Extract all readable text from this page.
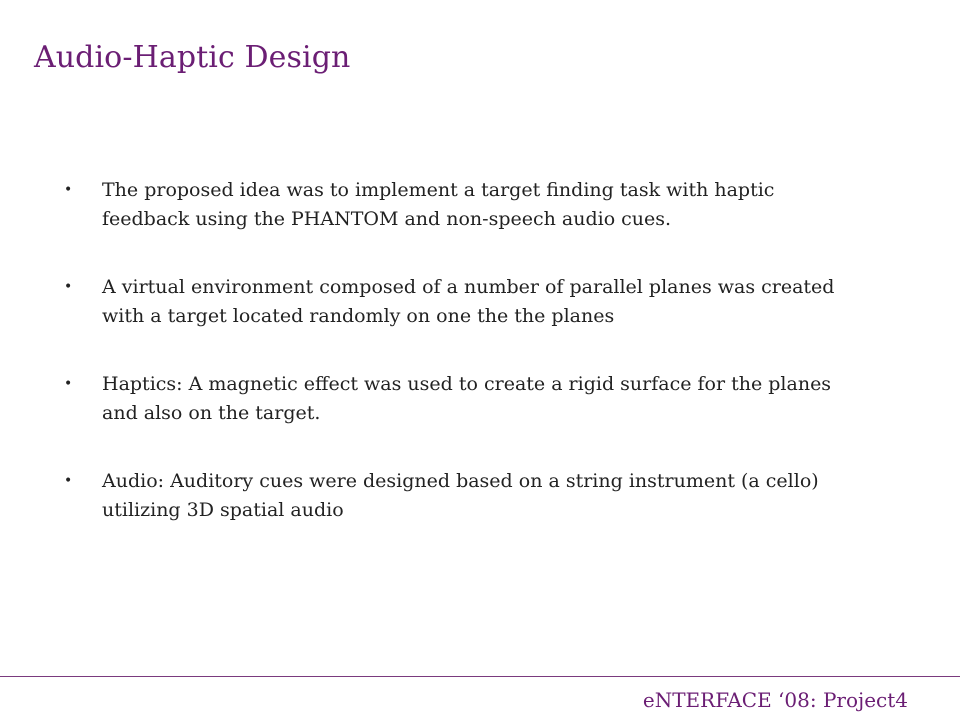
Audio-Haptic Design
• The proposed idea was to implement a target finding task with haptic feedback using the PHANTOM and non-speech audio cues.
• A virtual environment composed of a number of parallel planes was created with a target located randomly on one the the planes
• Haptics: A magnetic effect was used to create a rigid surface for the planes and also on the target.
• Audio: Auditory cues were designed based on a string instrument (a cello) utilizing 3D spatial audio
eNTERFACE ‘08: Project4
